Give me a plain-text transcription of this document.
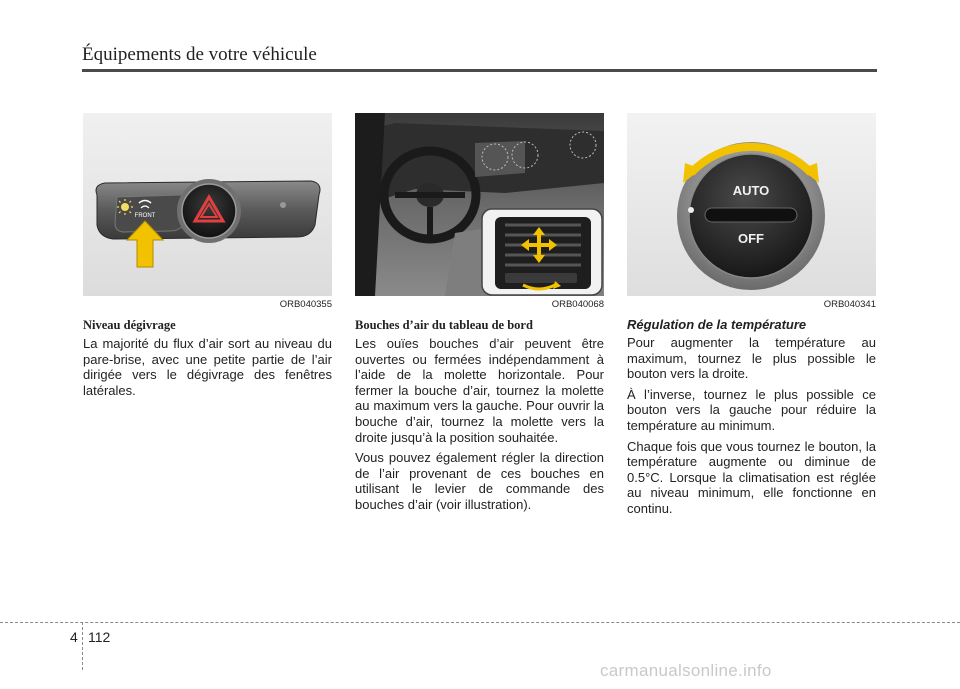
Équipements de votre véhicule
FRONT
ORB040355
Niveau dégivrage

La majorité du flux d’air sort au niveau du pare-brise, avec une petite partie de l’air dirigée vers le dégivrage des fenêtres latérales.

ORB040068
Bouches d’air du tableau de bord

Les ouïes bouches d’air peuvent être ouvertes ou fermées indépendamment à l’aide de la molette horizontale. Pour fermer la bouche d’air, tournez la molette au maximum vers la gauche. Pour ouvrir la bouche d’air, tournez la molette vers la droite jusqu’à la position souhaitée.

Vous pouvez également régler la direction de l’air provenant de ces bouches en utilisant le levier de commande des bouches d’air (voir illustration).

AUTO
OFF
ORB040341
Régulation de la température

Pour augmenter la température au maximum, tournez le plus possible le bouton vers la droite.

À l’inverse, tournez le plus possible ce bouton vers la gauche pour réduire la température au minimum.

Chaque fois que vous tournez le bouton, la température augmente ou diminue de 0.5°C. Lorsque la climatisation est réglée au niveau minimum, elle fonctionne en continu.

4 112
carmanualsonline.info
